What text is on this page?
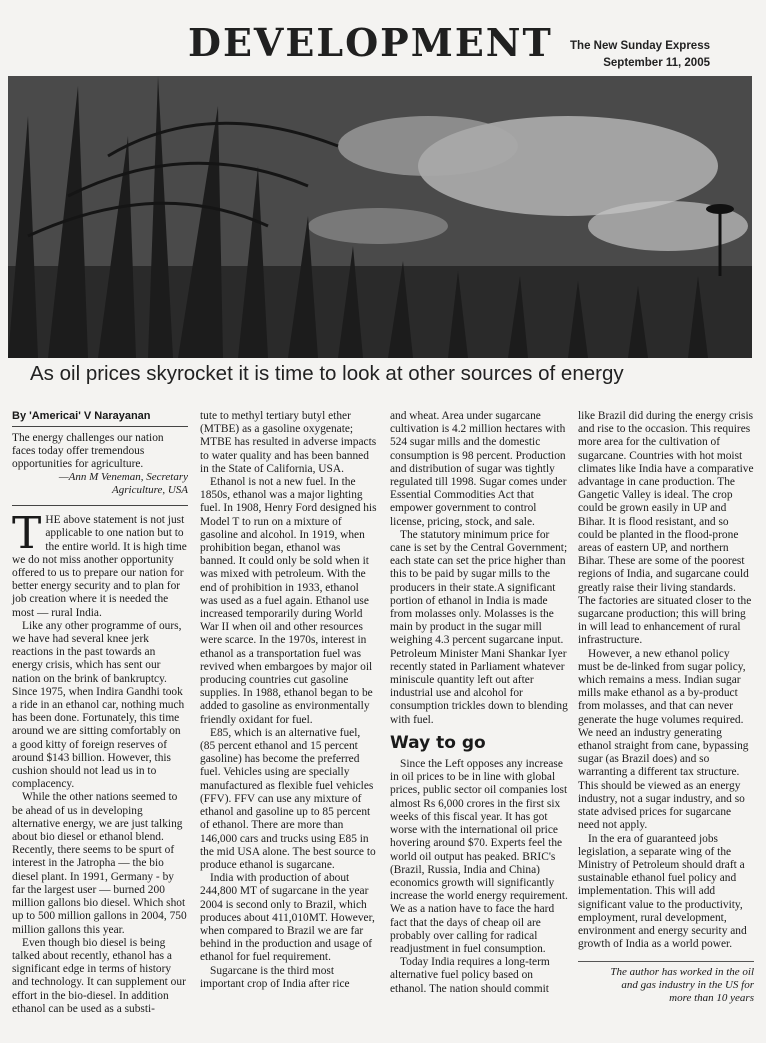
DEVELOPMENT	The New Sunday Express
September 11, 2005
As oil prices skyrocket it is time to look at other sources of energy
By 'Americai' V Narayanan

The energy challenges our nation faces today offer tremendous opportunities for agriculture.

—Ann M Veneman, Secretary Agriculture, USA

THE above statement is not just applicable to one nation but to the entire world. It is high time we do not miss another opportunity offered to us to prepare our nation for better energy security and to plan for job creation where it is needed the most — rural India.

Like any other programme of ours, we have had several knee jerk reactions in the past towards an energy crisis, which has sent our nation on the brink of bankruptcy. Since 1975, when Indira Gandhi took a ride in an ethanol car, nothing much has been done. Fortunately, this time around we are sitting comfortably on a good kitty of foreign reserves of around $143 billion. However, this cushion should not lead us in to complacency.

While the other nations seemed to be ahead of us in developing alternative energy, we are just talking about bio diesel or ethanol blend. Recently, there seems to be spurt of interest in the Jatropha — the bio diesel plant. In 1991, Germany - by far the largest user — burned 200 million gallons bio diesel. Which shot up to 500 million gallons in 2004, 750 million gallons this year.

Even though bio diesel is being talked about recently, ethanol has a significant edge in terms of history and technology. It can supplement our effort in the bio-diesel. In addition ethanol can be used as a substi-

tute to methyl tertiary butyl ether (MTBE) as a gasoline oxygenate; MTBE has resulted in adverse impacts to water quality and has been banned in the State of California, USA.

Ethanol is not a new fuel. In the 1850s, ethanol was a major lighting fuel. In 1908, Henry Ford designed his Model T to run on a mixture of gasoline and alcohol. In 1919, when prohibition began, ethanol was banned. It could only be sold when it was mixed with petroleum. With the end of prohibition in 1933, ethanol was used as a fuel again. Ethanol use increased temporarily during World War II when oil and other resources were scarce. In the 1970s, interest in ethanol as a transportation fuel was revived when embargoes by major oil producing countries cut gasoline supplies. In 1988, ethanol began to be added to gasoline as environmentally friendly oxidant for fuel.

E85, which is an alternative fuel, (85 percent ethanol and 15 percent gasoline) has become the preferred fuel. Vehicles using are specially manufactured as flexible fuel vehicles (FFV). FFV can use any mixture of ethanol and gasoline up to 85 percent of ethanol. There are more than 146,000 cars and trucks using E85 in the mid USA alone. The best source to produce ethanol is sugarcane.

India with production of about 244,800 MT of sugarcane in the year 2004 is second only to Brazil, which produces about 411,010MT. However, when compared to Brazil we are far behind in the production and usage of ethanol for fuel requirement.

Sugarcane is the third most important crop of India after rice

and wheat. Area under sugarcane cultivation is 4.2 million hectares with 524 sugar mills and the domestic consumption is 98 percent. Production and distribution of sugar was tightly regulated till 1998. Sugar comes under Essential Commodities Act that empower government to control license, pricing, stock, and sale.

The statutory minimum price for cane is set by the Central Government; each state can set the price higher than this to be paid by sugar mills to the producers in their state.A significant portion of ethanol in India is made from molasses only. Molasses is the main by product in the sugar mill weighing 4.3 percent sugarcane input. Petroleum Minister Mani Shankar Iyer recently stated in Parliament whatever miniscule quantity left out after industrial use and alcohol for consumption trickles down to blending with fuel.

Way to go

Since the Left opposes any increase in oil prices to be in line with global prices, public sector oil companies lost almost Rs 6,000 crores in the first six weeks of this fiscal year. It has got worse with the international oil price hovering around $70. Experts feel the world oil output has peaked. BRIC's (Brazil, Russia, India and China) economics growth will significantly increase the world energy requirement. We as a nation have to face the hard fact that the days of cheap oil are probably over calling for radical readjustment in fuel consumption.

Today India requires a long-term alternative fuel policy based on ethanol. The nation should commit

like Brazil did during the energy crisis and rise to the occasion. This requires more area for the cultivation of sugarcane. Countries with hot moist climates like India have a comparative advantage in cane production. The Gangetic Valley is ideal. The crop could be grown easily in UP and Bihar. It is flood resistant, and so could be planted in the flood-prone areas of eastern UP, and northern Bihar. These are some of the poorest regions of India, and sugarcane could greatly raise their living standards. The factories are situated closer to the sugarcane production; this will bring in will lead to enhancement of rural infrastructure.

However, a new ethanol policy must be de-linked from sugar policy, which remains a mess. Indian sugar mills make ethanol as a by-product from molasses, and that can never generate the huge volumes required. We need an industry generating ethanol straight from cane, bypassing sugar (as Brazil does) and so warranting a different tax structure. This should be viewed as an energy industry, not a sugar industry, and so state advised prices for sugarcane need not apply.

In the era of guaranteed jobs legislation, a separate wing of the Ministry of Petroleum should draft a sustainable ethanol fuel policy and implementation. This will add significant value to the productivity, employment, rural development, environment and energy security and growth of India as a world power.

The author has worked in the oil and gas industry in the US for more than 10 years
